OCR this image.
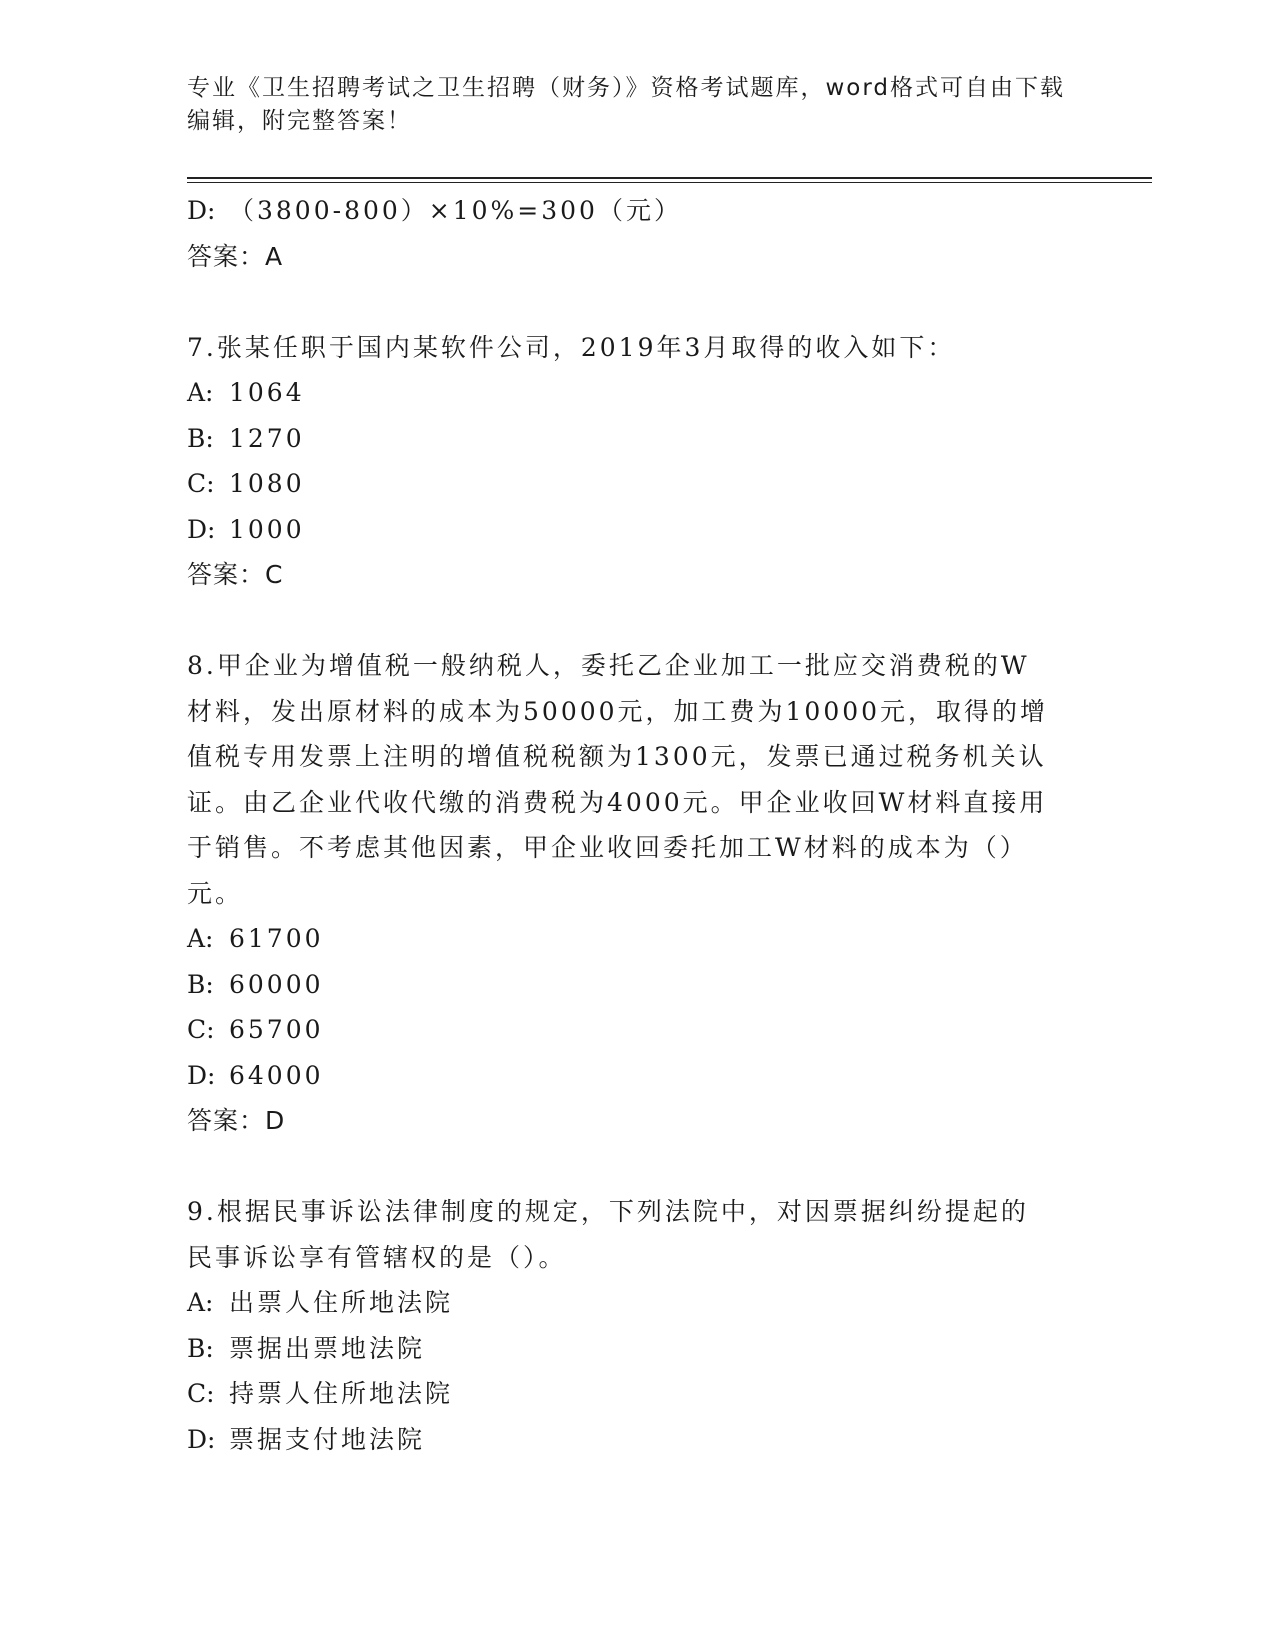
专业《卫生招聘考试之卫生招聘（财务）》资格考试题库，word格式可自由下载
编辑，附完整答案！
D: （3800-800）×10%=300（元）
答案：A
7.张某任职于国内某软件公司，2019年3月取得的收入如下：
A: 1064
B: 1270
C: 1080
D: 1000
答案：C
8.甲企业为增值税一般纳税人，委托乙企业加工一批应交消费税的W
材料，发出原材料的成本为50000元，加工费为10000元，取得的增
值税专用发票上注明的增值税税额为1300元，发票已通过税务机关认
证。由乙企业代收代缴的消费税为4000元。甲企业收回W材料直接用
于销售。不考虑其他因素，甲企业收回委托加工W材料的成本为（）
元。
A: 61700
B: 60000
C: 65700
D: 64000
答案：D
9.根据民事诉讼法律制度的规定，下列法院中，对因票据纠纷提起的
民事诉讼享有管辖权的是（）。
A: 出票人住所地法院
B: 票据出票地法院
C: 持票人住所地法院
D: 票据支付地法院
